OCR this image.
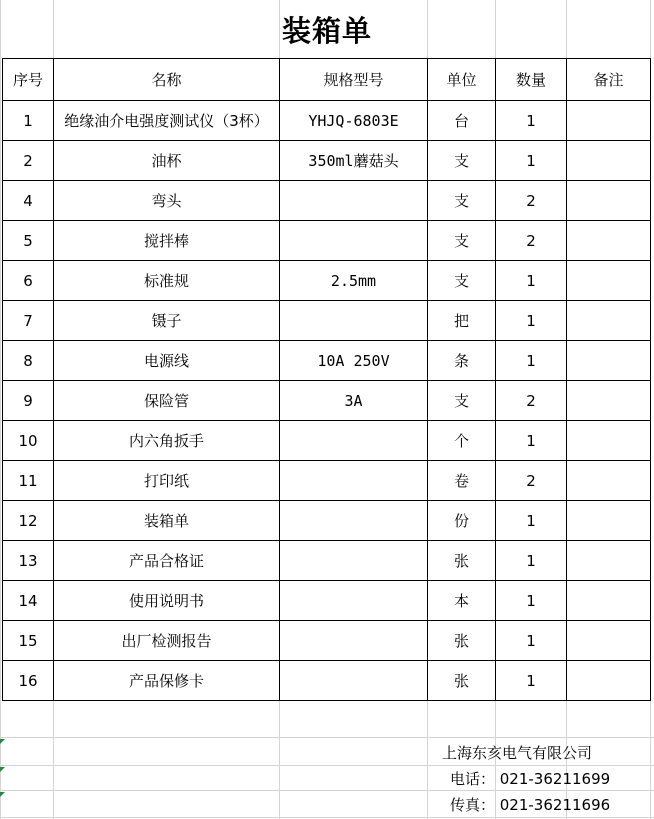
装箱单
序号	名称	规格型号	单位	数量	备注
1	绝缘油介电强度测试仪（3杯）	YHJQ-6803E	台	1	
2	油杯	350ml蘑菇头	支	1	
4	弯头		支	2	
5	搅拌棒		支	2	
6	标准规	2.5mm	支	1	
7	镊子		把	1	
8	电源线	10A 250V	条	1	
9	保险管	3A	支	2	
10	内六角扳手		个	1	
11	打印纸		卷	2	
12	装箱单		份	1	
13	产品合格证		张	1	
14	使用说明书		本	1	
15	出厂检测报告		张	1	
16	产品保修卡		张	1	
上海东亥电气有限公司
电话： 021-36211699
传真： 021-36211696
